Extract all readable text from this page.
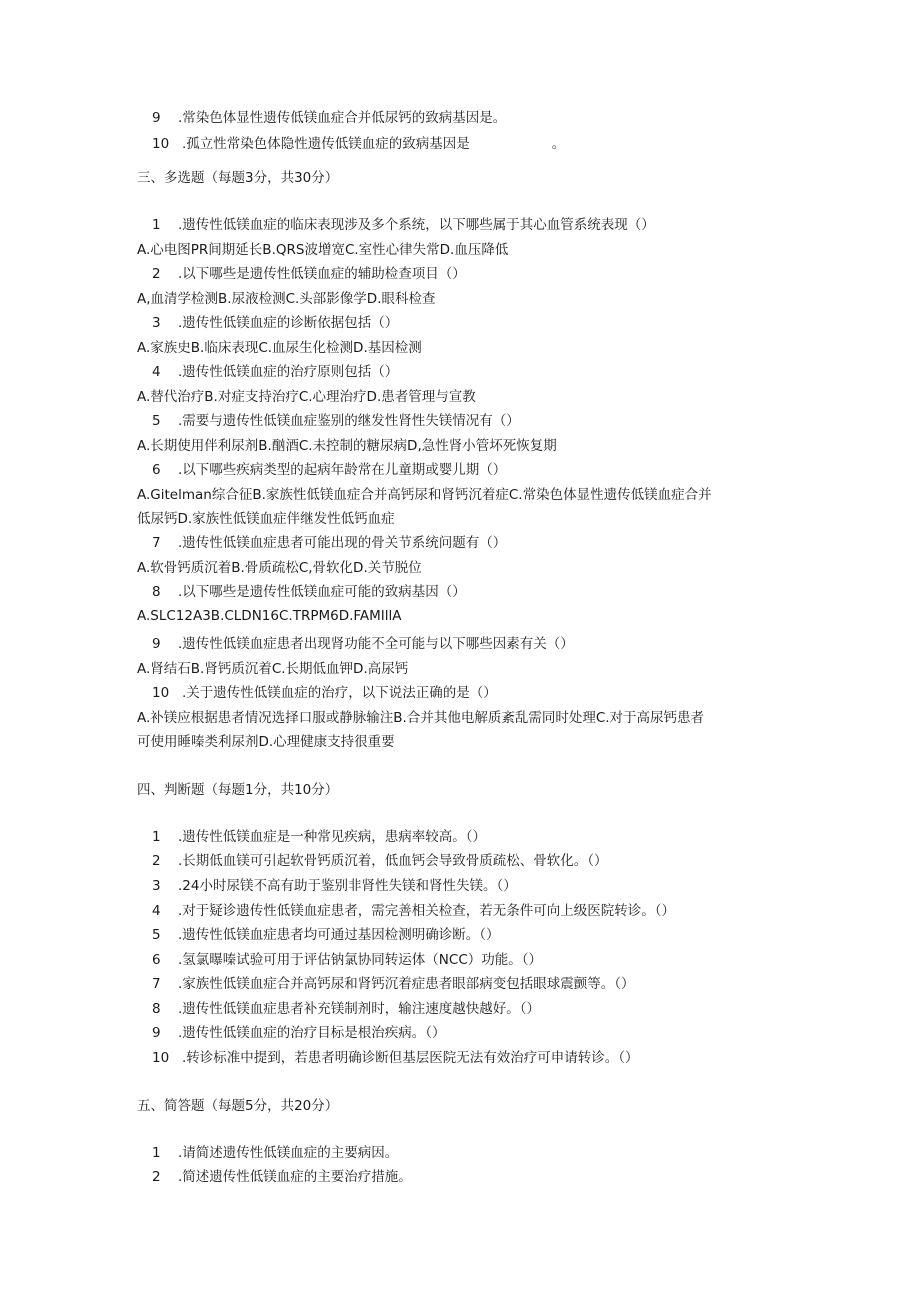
9 .常染色体显性遗传低镁血症合并低尿钙的致病基因是。
10 .孤立性常染色体隐性遗传低镁血症的致病基因是	。
三、多选题（每题3分，共30分）
1 .遗传性低镁血症的临床表现涉及多个系统，以下哪些属于其心血管系统表现（）
A.心电图PR间期延长B.QRS波增宽C.室性心律失常D.血压降低
2 .以下哪些是遗传性低镁血症的辅助检查项目（）
A,血清学检测B.尿液检测C.头部影像学D.眼科检查
3 .遗传性低镁血症的诊断依据包括（）
A.家族史B.临床表现C.血尿生化检测D.基因检测
4 .遗传性低镁血症的治疗原则包括（）
A.替代治疗B.对症支持治疗C.心理治疗D.患者管理与宣教
5 .需要与遗传性低镁血症鉴别的继发性肾性失镁情况有（）
A.长期使用伴利尿剂B.酗酒C.未控制的糖尿病D,急性肾小管坏死恢复期
6 .以下哪些疾病类型的起病年龄常在儿童期或婴儿期（）
A.Gitelman综合征B.家族性低镁血症合并高钙尿和肾钙沉着症C.常染色体显性遗传低镁血症合并
低尿钙D.家族性低镁血症伴继发性低钙血症
7 .遗传性低镁血症患者可能出现的骨关节系统问题有（）
A.软骨钙质沉着B.骨质疏松C,骨软化D.关节脱位
8 .以下哪些是遗传性低镁血症可能的致病基因（）
A.SLC12A3B.CLDN16C.TRPM6D.FAMIllA
9 .遗传性低镁血症患者出现肾功能不全可能与以下哪些因素有关（）
A.肾结石B.肾钙质沉着C.长期低血钾D.高尿钙
10 .关于遗传性低镁血症的治疗，以下说法正确的是（）
A.补镁应根据患者情况选择口服或静脉输注B.合并其他电解质紊乱需同时处理C.对于高尿钙患者
可使用睡嗪类利尿剂D.心理健康支持很重要
四、判断题（每题1分，共10分）
1 .遗传性低镁血症是一种常见疾病，患病率较高。（）
2 .长期低血镁可引起软骨钙质沉着，低血钙会导致骨质疏松、骨软化。（）
3 .24小时尿镁不高有助于鉴别非肾性失镁和肾性失镁。（）
4 .对于疑诊遗传性低镁血症患者，需完善相关检查，若无条件可向上级医院转诊。（）
5 .遗传性低镁血症患者均可通过基因检测明确诊断。（）
6 .氢氯曝嗪试验可用于评估钠氯协同转运体（NCC）功能。（）
7 .家族性低镁血症合并高钙尿和肾钙沉着症患者眼部病变包括眼球震颤等。（）
8 .遗传性低镁血症患者补充镁制剂时，输注速度越快越好。（）
9 .遗传性低镁血症的治疗目标是根治疾病。（）
10 .转诊标准中提到，若患者明确诊断但基层医院无法有效治疗可申请转诊。（）
五、简答题（每题5分，共20分）
1 .请简述遗传性低镁血症的主要病因。
2 .简述遗传性低镁血症的主要治疗措施。
